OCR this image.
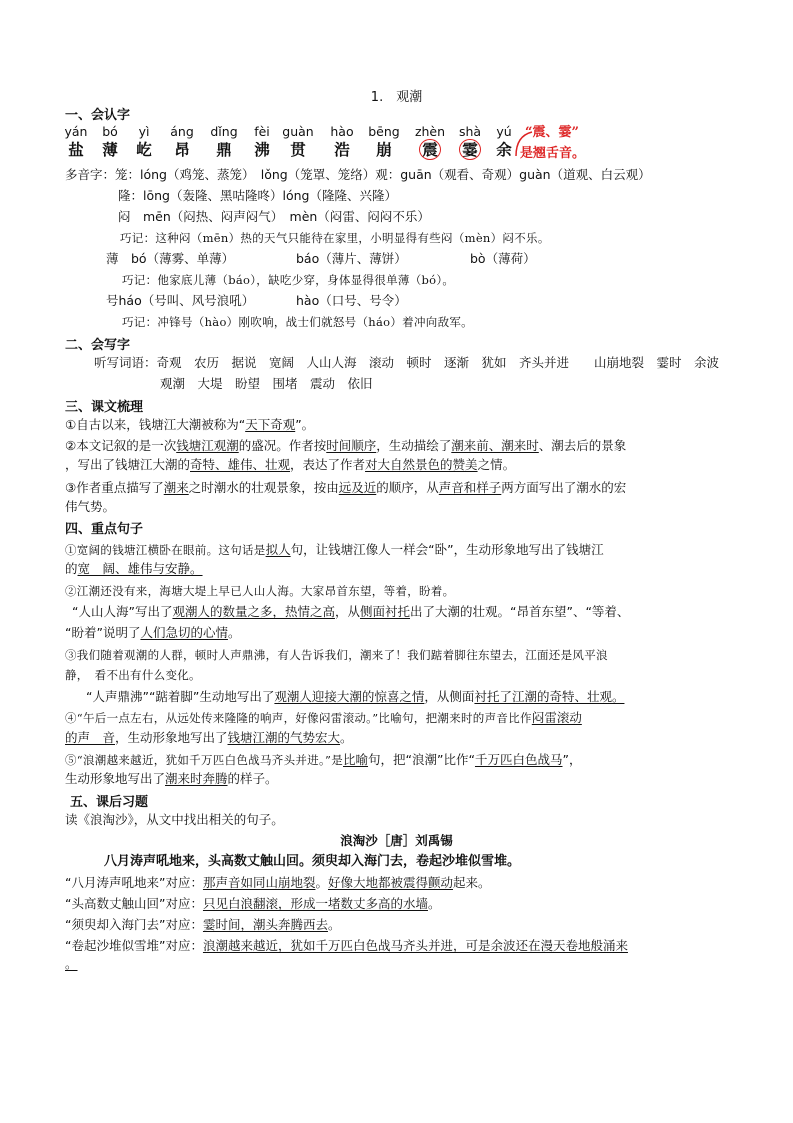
1.　观潮
一、会认字
yán	bó	yì	áng	dǐng	fèi guàn	hào	bēng	zhèn	shà	yú
盐	薄	屹	昂	鼎	沸	贯	浩	崩	震	霎	余
“震、霎”
是翘舌音。
多音字：笼：lóng（鸡笼、蒸笼）　lǒng（笼罩、笼络）观：guān（观看、奇观）guàn（道观、白云观）
隆：lōng（轰隆、黑咕隆咚）lóng（隆隆、兴隆）
闷　mēn（闷热、闷声闷气）　mèn（闷雷、闷闷不乐）
巧记：这种闷（mēn）热的天气只能待在家里，小明显得有些闷（mèn）闷不乐。
薄　bó（薄雾、单薄）	báo（薄片、薄饼）	bò（薄荷）
巧记：他家底儿薄（báo），缺吃少穿，身体显得很单薄（bó）。
号háo（号叫、风号浪吼）	hào（口号、号令）
巧记：冲锋号（hào）刚吹响，战士们就怒号（háo）着冲向敌军。
二、会写字
听写词语：奇观　农历　据说　宽阔　人山人海　滚动　顿时　逐渐　犹如　齐头并进　　山崩地裂　霎时　余波
观潮　大堤　盼望　围堵　震动　依旧
三、课文梳理
①自古以来，钱塘江大潮被称为“天下奇观”。
②本文记叙的是一次钱塘江观潮的盛况。作者按时间顺序，生动描绘了潮来前、潮来时、潮去后的景象
，写出了钱塘江大潮的奇特、雄伟、壮观，表达了作者对大自然景色的赞美之情。
③作者重点描写了潮来之时潮水的壮观景象，按由远及近的顺序，从声音和样子两方面写出了潮水的宏
伟气势。
四、重点句子
①宽阔的钱塘江横卧在眼前。这句话是拟人句，让钱塘江像人一样会“卧”，生动形象地写出了钱塘江
的宽　阔、雄伟与安静。
②江潮还没有来，海塘大堤上早已人山人海。大家昂首东望，等着，盼着。
“人山人海”写出了观潮人的数量之多，热情之高，从侧面衬托出了大潮的壮观。“昂首东望”、“等着、
“盼着”说明了人们急切的心情。
③我们随着观潮的人群，顿时人声鼎沸，有人告诉我们，潮来了！我们踮着脚往东望去，江面还是风平浪
静，　看不出有什么变化。
“人声鼎沸”“踮着脚”生动地写出了观潮人迎接大潮的惊喜之情，从侧面衬托了江潮的奇特、壮观。
④“午后一点左右，从远处传来隆隆的响声，好像闷雷滚动。”比喻句，把潮来时的声音比作闷雷滚动
的声　音，生动形象地写出了钱塘江潮的气势宏大。
⑤“浪潮越来越近，犹如千万匹白色战马齐头并进。”是比喻句，把“浪潮”比作“千万匹白色战马”，
生动形象地写出了潮来时奔腾的样子。
五、课后习题
读《浪淘沙》，从文中找出相关的句子。
浪淘沙［唐］刘禹锡
八月涛声吼地来，头高数丈触山回。须臾却入海门去，卷起沙堆似雪堆。
“八月涛声吼地来”对应：那声音如同山崩地裂。好像大地都被震得颤动起来。
“头高数丈触山回”对应：只见白浪翻滚，形成一堵数丈多高的水墙。
“须臾却入海门去”对应：霎时间，潮头奔腾西去。
“卷起沙堆似雪堆”对应：浪潮越来越近，犹如千万匹白色战马齐头并进，可是余波还在漫天卷地般涌来
。
